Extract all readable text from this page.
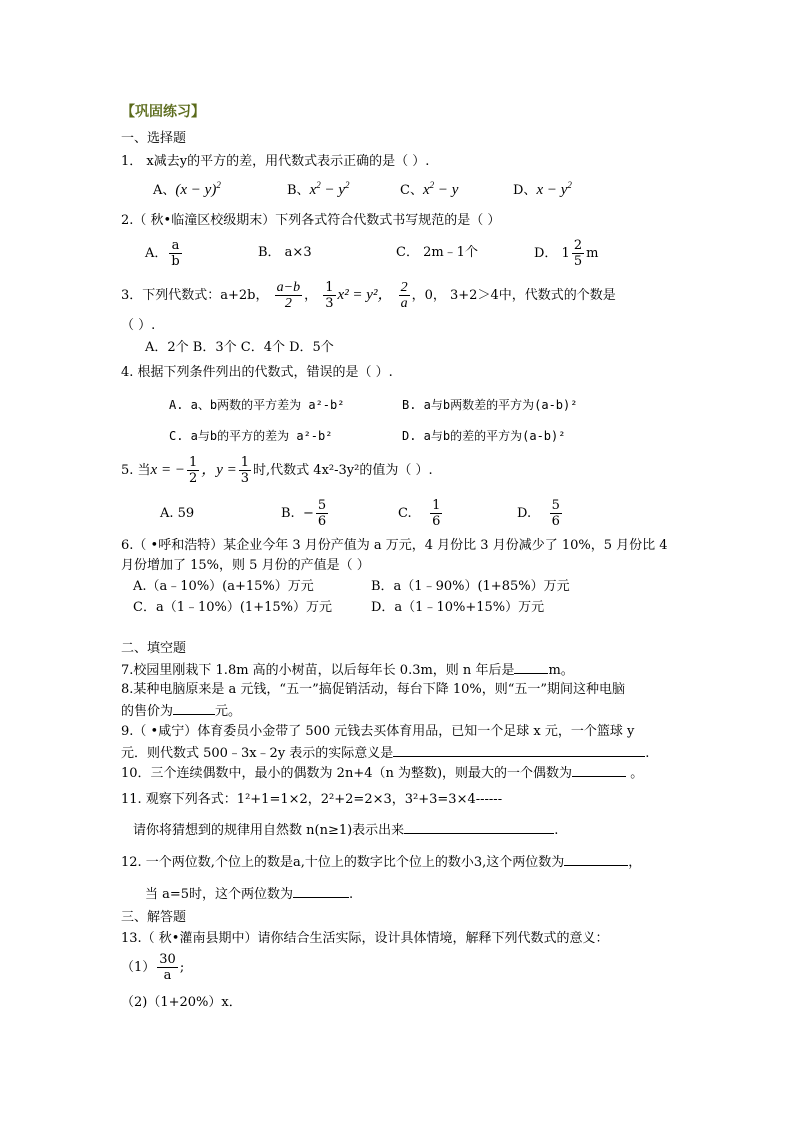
【巩固练习】
一、选择题
1． x减去y的平方的差，用代数式表示正确的是（ ）.
A、$(x - y)^2$	B、$x^2 - y^2$	C、$x^2 - y$	D、$x - y^2$
2.（ 秋•临潼区校级期末）下列各式符合代数式书写规范的是（ ）
A． $\frac{a}{b}$	B． a×3	C． 2m﹣1个	D． $1 \frac{2}{5}$ m
3．下列代数式：a+2b， $\frac{a-b}{2}$ ， $\frac{1}{3} x^2 = y^2$， $\frac{2}{a}$ ，0， 3+2＞4中，代数式的个数是
（ ）.
A．2个 B．3个 C．4个 D．5个
4. 根据下列条件列出的代数式，错误的是（ ）.
A. a、b两数的平方差为 a²-b²	B. a与b两数差的平方为(a-b)²
C. a与b的平方的差为 a²-b²	D. a与b的差的平方为(a-b)²
5. 当x = − $\frac{1}{2}$ ，$y = \frac{1}{3}$ 时,代数式 4x²-3y²的值为（ ）.
A. 59	B.  − $\frac{5}{6}$	C. $\frac{1}{6}$	D. $\frac{5}{6}$
6.（ •呼和浩特）某企业今年 3 月份产值为 a 万元，4 月份比 3 月份减少了 10%，5 月份比 4
月份增加了 15%，则 5 月份的产值是（ ）
A.（a﹣10%）(a+15%）万元	B．a（1﹣90%）(1+85%）万元
C．a（1﹣10%）(1+15%）万元	D．a（1﹣10%+15%）万元
二、填空题
7.校园里刚栽下 1.8m 高的小树苗，以后每年长 0.3m，则 n 年后是	m。
8.某种电脑原来是 a 元钱，“五一”搞促销活动，每台下降 10%，则“五一”期间这种电脑
的售价为	元。
9.（ •咸宁）体育委员小金带了 500 元钱去买体育用品，已知一个足球 x 元，一个篮球 y
元．则代数式 500﹣3x﹣2y 表示的实际意义是	.
10．三个连续偶数中，最小的偶数为 2n+4（n 为整数)，则最大的一个偶数为	。
11. 观察下列各式：1²+1=1×2，2²+2=2×3，3²+3=3×4------
请你将猜想到的规律用自然数 n(n≥1)表示出来	.
12. 一个两位数,个位上的数是a,十位上的数字比个位上的数小3,这个两位数为	，
当 a=5时，这个两位数为	.
三、解答题
13.（ 秋•灌南县期中）请你结合生活实际，设计具体情境，解释下列代数式的意义：
$(1) \frac{30}{a}$ ;
（2)（1+20%）x．
